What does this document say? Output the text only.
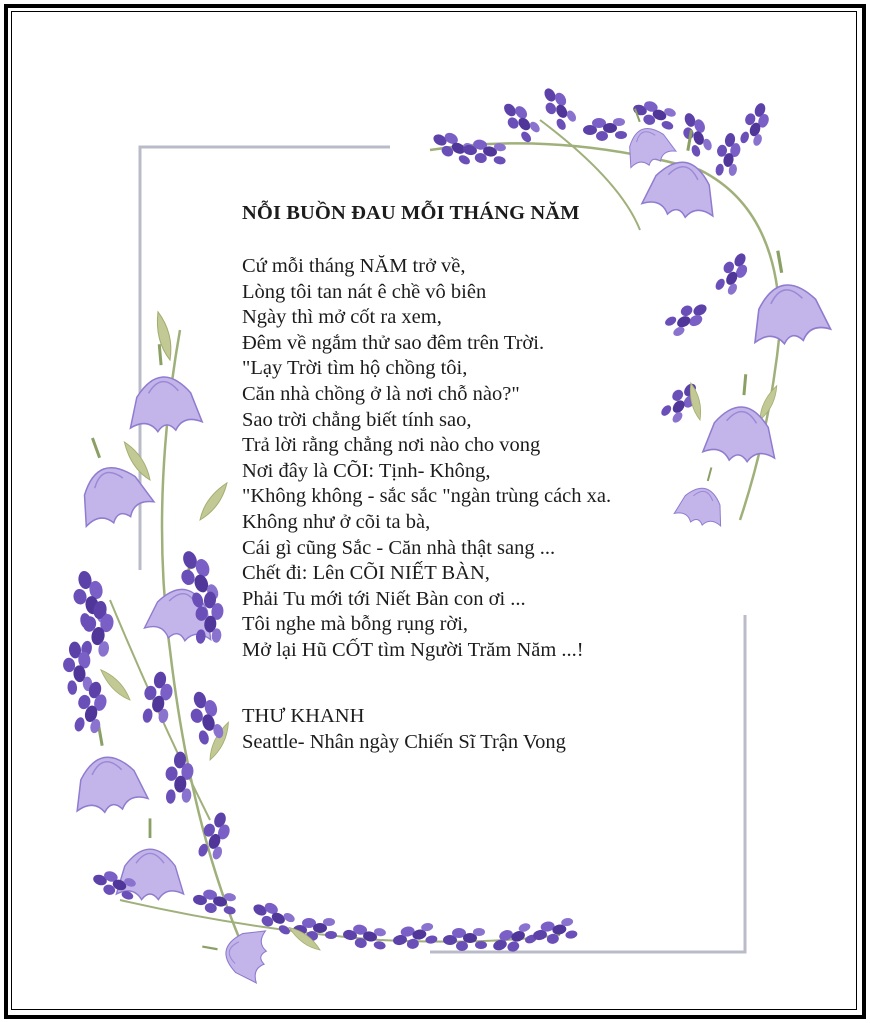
NỖI BUỒN ĐAU MỖI THÁNG NĂM
Cứ mỗi tháng NĂM trở về,
Lòng tôi tan nát ê chề vô biên
Ngày thì mở cốt ra xem,
Đêm về ngắm thử sao đêm trên Trời.
"Lạy Trời tìm hộ chồng tôi,
Căn nhà chồng ở là nơi chỗ nào?"
Sao trời chẳng biết tính sao,
Trả lời rằng chẳng nơi nào cho vong
Nơi đây là CÕI: Tịnh- Không,
"Không không - sắc sắc "ngàn trùng cách xa.
Không như ở cõi ta bà,
Cái gì cũng Sắc - Căn nhà thật sang ...
Chết đi: Lên CÕI NIẾT BÀN,
Phải Tu mới tới Niết Bàn con ơi ...
Tôi nghe mà bỗng rụng rời,
Mở lại Hũ CỐT tìm Người Trăm Năm ...!
THƯ KHANH
Seattle- Nhân ngày Chiến Sĩ Trận Vong
